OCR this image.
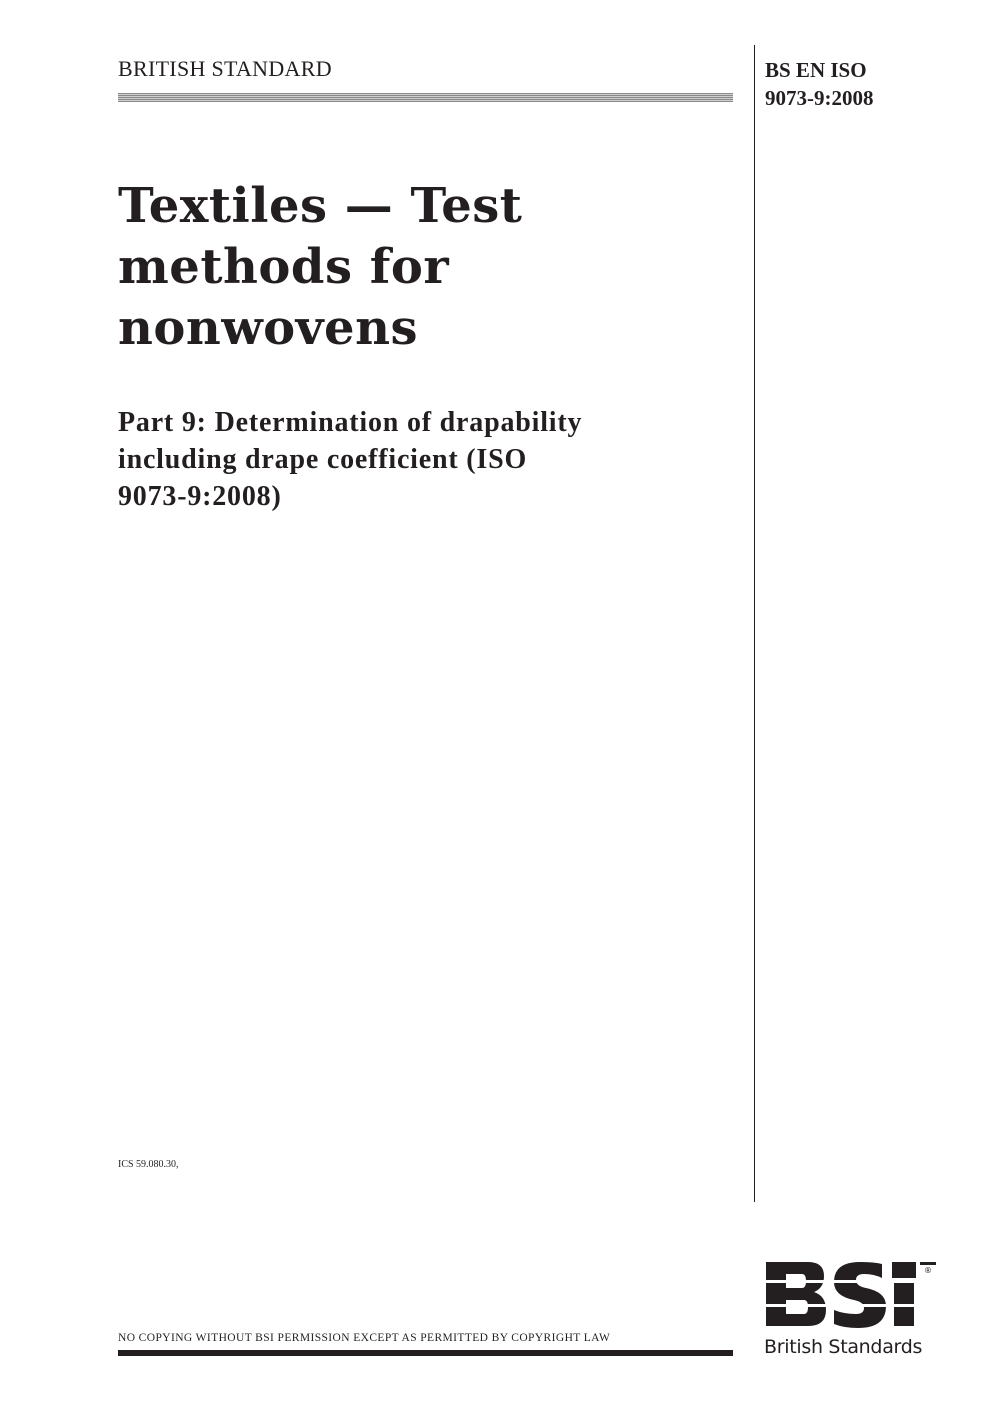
BRITISH STANDARD	BS EN ISO
9073-9:2008
Textiles — Test
methods for
nonwovens
Part 9: Determination of drapability
including drape coefficient (ISO
9073-9:2008)
ICS 59.080.30,
NO COPYING WITHOUT BSI PERMISSION EXCEPT AS PERMITTED BY COPYRIGHT LAW
®
British Standards
